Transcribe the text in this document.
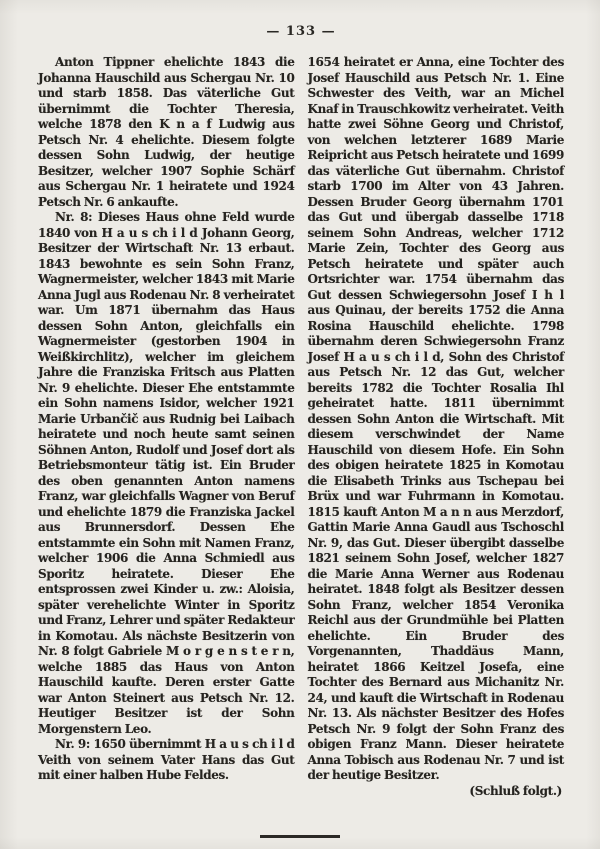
— 133 —

Anton Tippner ehelichte 1843 die Johanna Hauschild aus Schergau Nr. 10 und starb 1858. Das väterliche Gut übernimmt die Tochter Theresia, welche 1878 den K n a f Ludwig aus Petsch Nr. 4 ehelichte. Diesem folgte dessen Sohn Ludwig, der heutige Besitzer, welcher 1907 Sophie Schärf aus Schergau Nr. 1 heiratete und 1924 Petsch Nr. 6 ankaufte.

Nr. 8: Dieses Haus ohne Feld wurde 1840 von H a u s ch i l d Johann Georg, Besitzer der Wirtschaft Nr. 13 erbaut. 1843 bewohnte es sein Sohn Franz, Wagnermeister, welcher 1843 mit Marie Anna Jugl aus Rodenau Nr. 8 verheiratet war. Um 1871 übernahm das Haus dessen Sohn Anton, gleichfalls ein Wagnermeister (gestorben 1904 in Weißkirchlitz), welcher im gleichem Jahre die Franziska Fritsch aus Platten Nr. 9 ehelichte. Dieser Ehe entstammte ein Sohn namens Isidor, welcher 1921 Marie Urbančič aus Rudnig bei Laibach heiratete und noch heute samt seinen Söhnen Anton, Rudolf und Josef dort als Betriebsmonteur tätig ist. Ein Bruder des oben genannten Anton namens Franz, war gleichfalls Wagner von Beruf und ehelichte 1879 die Franziska Jackel aus Brunnersdorf. Dessen Ehe entstammte ein Sohn mit Namen Franz, welcher 1906 die Anna Schmiedl aus Sporitz heiratete. Dieser Ehe entsprossen zwei Kinder u. zw.: Aloisia, später verehelichte Winter in Sporitz und Franz, Lehrer und später Redakteur in Komotau. Als nächste Besitzerin von Nr. 8 folgt Gabriele M o r g e n s t e r n, welche 1885 das Haus von Anton Hauschild kaufte. Deren erster Gatte war Anton Steinert aus Petsch Nr. 12. Heutiger Besitzer ist der Sohn Morgenstern Leo.

Nr. 9: 1650 übernimmt H a u s ch i l d Veith von seinem Vater Hans das Gut mit einer halben Hube Feldes.

1654 heiratet er Anna, eine Tochter des Josef Hauschild aus Petsch Nr. 1. Eine Schwester des Veith, war an Michel Knaf in Trauschkowitz verheiratet. Veith hatte zwei Söhne Georg und Christof, von welchen letzterer 1689 Marie Reipricht aus Petsch heiratete und 1699 das väterliche Gut übernahm. Christof starb 1700 im Alter von 43 Jahren. Dessen Bruder Georg übernahm 1701 das Gut und übergab dasselbe 1718 seinem Sohn Andreas, welcher 1712 Marie Zein, Tochter des Georg aus Petsch heiratete und später auch Ortsrichter war. 1754 übernahm das Gut dessen Schwiegersohn Josef I h l aus Quinau, der bereits 1752 die Anna Rosina Hauschild ehelichte. 1798 übernahm deren Schwiegersohn Franz Josef H a u s ch i l d, Sohn des Christof aus Petsch Nr. 12 das Gut, welcher bereits 1782 die Tochter Rosalia Ihl geheiratet hatte. 1811 übernimmt dessen Sohn Anton die Wirtschaft. Mit diesem verschwindet der Name Hauschild von diesem Hofe. Ein Sohn des obigen heiratete 1825 in Komotau die Elisabeth Trinks aus Tschepau bei Brüx und war Fuhrmann in Komotau. 1815 kauft Anton M a n n aus Merzdorf, Gattin Marie Anna Gaudl aus Tschoschl Nr. 9, das Gut. Dieser übergibt dasselbe 1821 seinem Sohn Josef, welcher 1827 die Marie Anna Werner aus Rodenau heiratet. 1848 folgt als Besitzer dessen Sohn Franz, welcher 1854 Veronika Reichl aus der Grundmühle bei Platten ehelichte. Ein Bruder des Vorgenannten, Thaddäus Mann, heiratet 1866 Keitzel Josefa, eine Tochter des Bernard aus Michanitz Nr. 24, und kauft die Wirtschaft in Rodenau Nr. 13. Als nächster Besitzer des Hofes Petsch Nr. 9 folgt der Sohn Franz des obigen Franz Mann. Dieser heiratete Anna Tobisch aus Rodenau Nr. 7 und ist der heutige Besitzer.

(Schluß folgt.)
